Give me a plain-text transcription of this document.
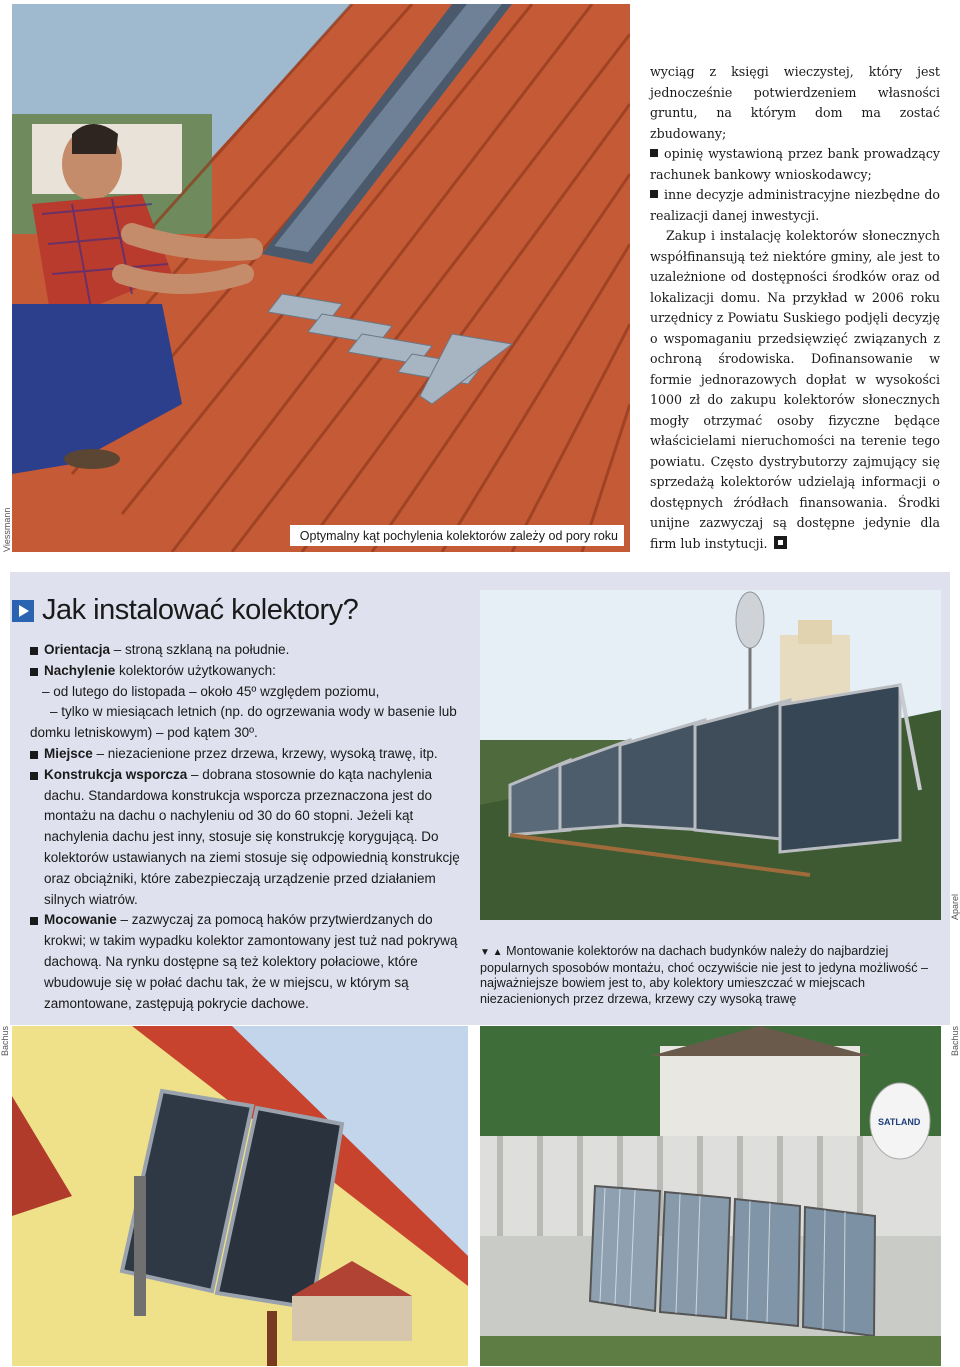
Viessmann
Aparel
Bachus	Bachus
Optymalny kąt pochylenia kolektorów zależy od pory roku

wyciąg z księgi wieczystej, który jest jednocześnie potwierdzeniem własności gruntu, na którym dom ma zostać zbudowany;

opinię wystawioną przez bank prowadzący rachunek bankowy wnioskodawcy;

inne decyzje administracyjne niezbędne do realizacji danej inwestycji.

Zakup i instalację kolektorów słonecznych współfinansują też niektóre gminy, ale jest to uzależnione od dostępności środków oraz od lokalizacji domu. Na przykład w 2006 roku urzędnicy z Powiatu Suskiego podjęli decyzję o wspomaganiu przedsięwzięć związanych z ochroną środowiska. Dofinansowanie w formie jednorazowych dopłat w wysokości 1000 zł do zakupu kolektorów słonecznych mogły otrzymać osoby fizyczne będące właścicielami nieruchomości na terenie tego powiatu. Często dystrybutorzy zajmujący się sprzedażą kolektorów udzielają informacji o dostępnych źródłach finansowania. Środki unijne zazwyczaj są dostępne jedynie dla firm lub instytucji.

Jak instalować kolektory?
Orientacja – stroną szklaną na południe.
Nachylenie kolektorów użytkowanych:
– od lutego do listopada – około 45º względem poziomu,
– tylko w miesiącach letnich (np. do ogrzewania wody w basenie lub domku letniskowym) – pod kątem 30º.
Miejsce – niezacienione przez drzewa, krzewy, wysoką trawę, itp.
Konstrukcja wsporcza – dobrana stosownie do kąta nachylenia dachu. Standardowa konstrukcja wsporcza przeznaczona jest do montażu na dachu o nachyleniu od 30 do 60 stopni. Jeżeli kąt nachylenia dachu jest inny, stosuje się konstrukcję korygującą. Do kolektorów ustawianych na ziemi stosuje się odpowiednią konstrukcję oraz obciążniki, które zabezpieczają urządzenie przed działaniem silnych wiatrów.
Mocowanie – zazwyczaj za pomocą haków przytwierdzanych do krokwi; w takim wypadku kolektor zamontowany jest tuż nad pokrywą dachową. Na rynku dostępne są też kolektory połaciowe, które wbudowuje się w połać dachu tak, że w miejscu, w którym są zamontowane, zastępują pokrycie dachowe.
▼ ▲ Montowanie kolektorów na dachach budynków należy do najbardziej popularnych sposobów montażu, choć oczywiście nie jest to jedyna możliwość – najważniejsze bowiem jest to, aby kolektory umieszczać w miejscach niezacienionych przez drzewa, krzewy czy wysoką trawę
SATLAND
